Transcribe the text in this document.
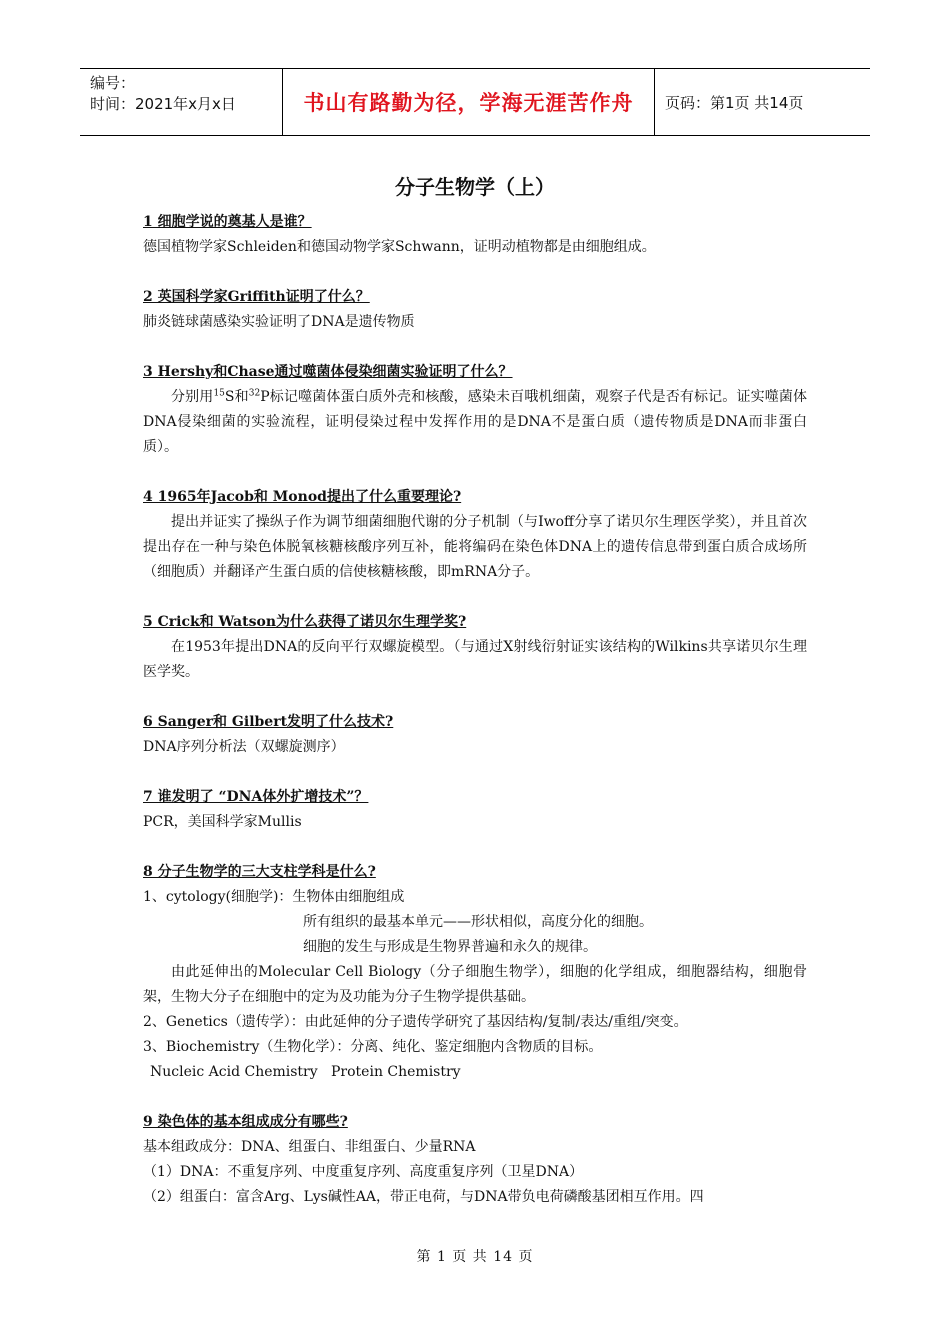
编号：
时间：2021年x月x日	书山有路勤为径，学海无涯苦作舟	页码：第1页 共14页
分子生物学（上）

1 细胞学说的奠基人是谁？

德国植物学家Schleiden和德国动物学家Schwann，证明动植物都是由细胞组成。

2 英国科学家Griffith证明了什么？

肺炎链球菌感染实验证明了DNA是遗传物质

3 Hershy和Chase通过噬菌体侵染细菌实验证明了什么？

分别用$^{15}$S和$^{32}$P标记噬菌体蛋白质外壳和核酸，感染未百哦机细菌，观察子代是否有标记。证实噬菌体DNA侵染细菌的实验流程，证明侵染过程中发挥作用的是DNA不是蛋白质（遗传物质是DNA而非蛋白质）。

4 1965年Jacob和 Monod提出了什么重要理论?

提出并证实了操纵子作为调节细菌细胞代谢的分子机制（与Iwoff分享了诺贝尔生理医学奖），并且首次提出存在一种与染色体脱氧核糖核酸序列互补，能将编码在染色体DNA上的遗传信息带到蛋白质合成场所（细胞质）并翻译产生蛋白质的信使核糖核酸，即mRNA分子。

5 Crick和 Watson为什么获得了诺贝尔生理学奖?

在1953年提出DNA的反向平行双螺旋模型。（与通过X射线衍射证实该结构的Wilkins共享诺贝尔生理医学奖。

6 Sanger和 Gilbert发明了什么技术?

DNA序列分析法（双螺旋测序）

7 谁发明了 “DNA体外扩增技术”？

PCR，美国科学家Mullis

8 分子生物学的三大支柱学科是什么?

1、cytology(细胞学)：生物体由细胞组成

所有组织的最基本单元——形状相似，高度分化的细胞。

细胞的发生与形成是生物界普遍和永久的规律。

由此延伸出的Molecular Cell Biology（分子细胞生物学），细胞的化学组成，细胞器结构，细胞骨架，生物大分子在细胞中的定为及功能为分子生物学提供基础。

2、Genetics（遗传学）：由此延伸的分子遗传学研究了基因结构/复制/表达/重组/突变。

3、Biochemistry（生物化学）：分离、纯化、鉴定细胞内含物质的目标。

Nucleic Acid Chemistry   Protein Chemistry

9 染色体的基本组成成分有哪些?

基本组政成分：DNA、组蛋白、非组蛋白、少量RNA

（1）DNA：不重复序列、中度重复序列、高度重复序列（卫星DNA）

（2）组蛋白：富含Arg、Lys碱性AA，带正电荷，与DNA带负电荷磷酸基团相互作用。四

第 1 页 共 14 页
